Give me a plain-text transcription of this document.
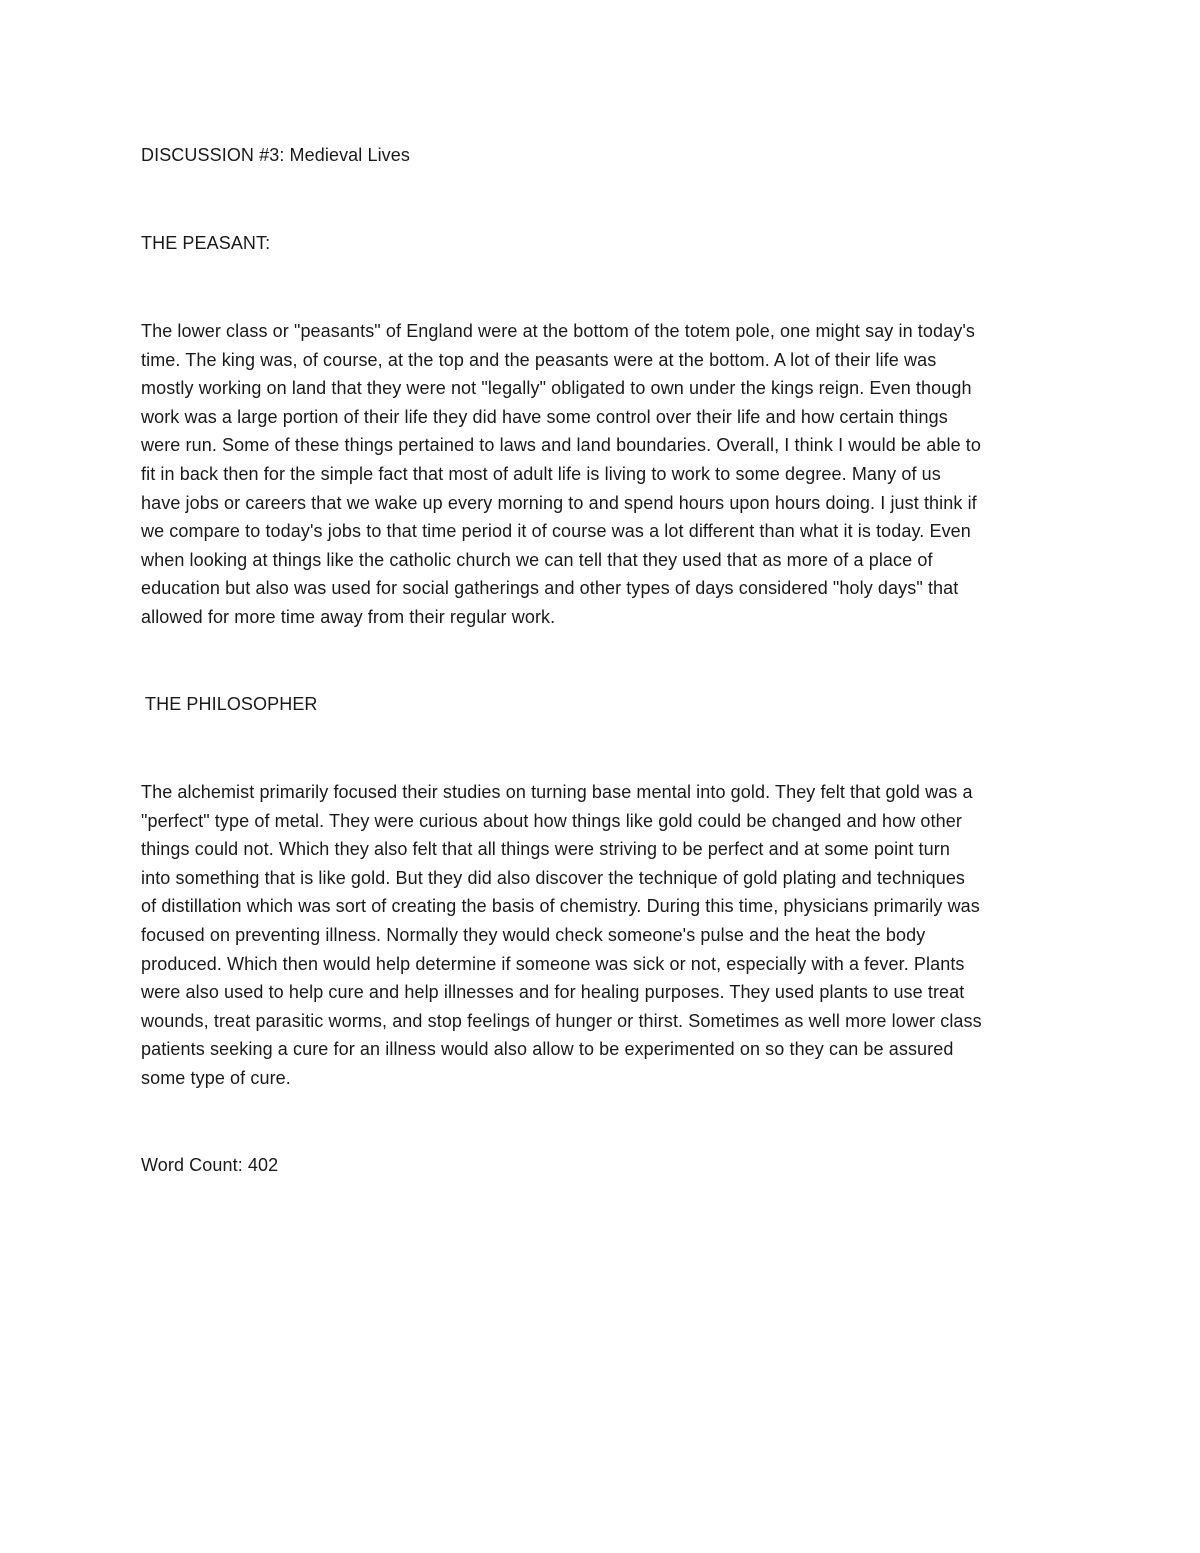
DISCUSSION #3: Medieval Lives
THE PEASANT:
The lower class or "peasants" of England were at the bottom of the totem pole, one might say in today's
time. The king was, of course, at the top and the peasants were at the bottom. A lot of their life was
mostly working on land that they were not "legally" obligated to own under the kings reign. Even though
work was a large portion of their life they did have some control over their life and how certain things
were run. Some of these things pertained to laws and land boundaries. Overall, I think I would be able to
fit in back then for the simple fact that most of adult life is living to work to some degree. Many of us
have jobs or careers that we wake up every morning to and spend hours upon hours doing. I just think if
we compare to today's jobs to that time period it of course was a lot different than what it is today. Even
when looking at things like the catholic church we can tell that they used that as more of a place of
education but also was used for social gatherings and other types of days considered "holy days" that
allowed for more time away from their regular work.
THE PHILOSOPHER
The alchemist primarily focused their studies on turning base mental into gold. They felt that gold was a
"perfect" type of metal. They were curious about how things like gold could be changed and how other
things could not. Which they also felt that all things were striving to be perfect and at some point turn
into something that is like gold. But they did also discover the technique of gold plating and techniques
of distillation which was sort of creating the basis of chemistry. During this time, physicians primarily was
focused on preventing illness. Normally they would check someone's pulse and the heat the body
produced. Which then would help determine if someone was sick or not, especially with a fever. Plants
were also used to help cure and help illnesses and for healing purposes. They used plants to use treat
wounds, treat parasitic worms, and stop feelings of hunger or thirst. Sometimes as well more lower class
patients seeking a cure for an illness would also allow to be experimented on so they can be assured
some type of cure.
Word Count: 402
